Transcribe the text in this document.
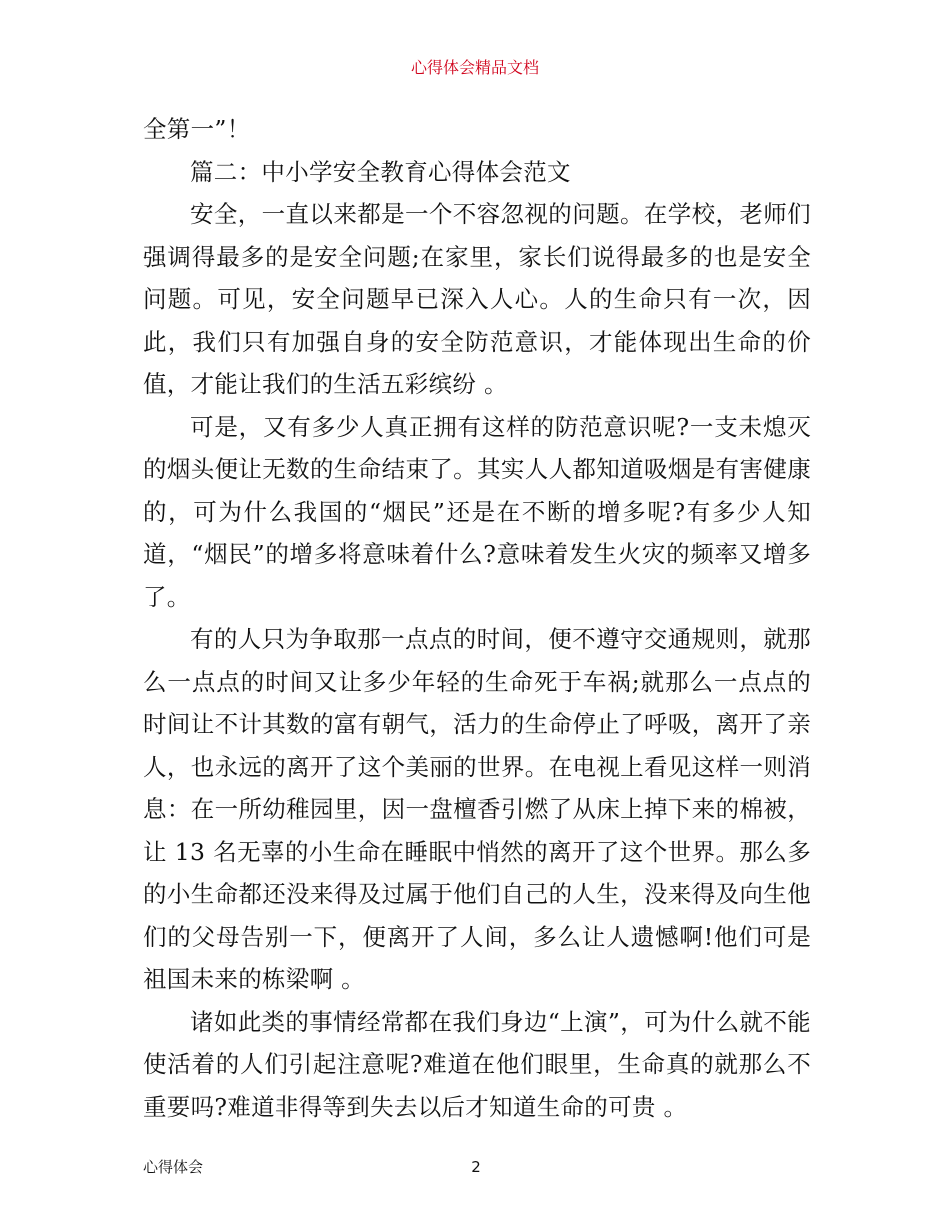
心得体会精品文档

全第一”！

篇二：中小学安全教育心得体会范文

安全，一直以来都是一个不容忽视的问题。在学校，老师们强调得最多的是安全问题;在家里，家长们说得最多的也是安全问题。可见，安全问题早已深入人心。人的生命只有一次，因此，我们只有加强自身的安全防范意识，才能体现出生命的价值，才能让我们的生活五彩缤纷 。

可是，又有多少人真正拥有这样的防范意识呢?一支未熄灭的烟头便让无数的生命结束了。其实人人都知道吸烟是有害健康的，可为什么我国的“烟民”还是在不断的增多呢?有多少人知道，“烟民”的增多将意味着什么?意味着发生火灾的频率又增多了。

有的人只为争取那一点点的时间，便不遵守交通规则，就那么一点点的时间又让多少年轻的生命死于车祸;就那么一点点的时间让不计其数的富有朝气，活力的生命停止了呼吸，离开了亲人，也永远的离开了这个美丽的世界。在电视上看见这样一则消息：在一所幼稚园里，因一盘檀香引燃了从床上掉下来的棉被，让 13 名无辜的小生命在睡眠中悄然的离开了这个世界。那么多的小生命都还没来得及过属于他们自己的人生，没来得及向生他们的父母告别一下，便离开了人间，多么让人遗憾啊!他们可是祖国未来的栋梁啊 。

诸如此类的事情经常都在我们身边“上演”，可为什么就不能使活着的人们引起注意呢?难道在他们眼里，生命真的就那么不重要吗?难道非得等到失去以后才知道生命的可贵 。

心得体会	2
